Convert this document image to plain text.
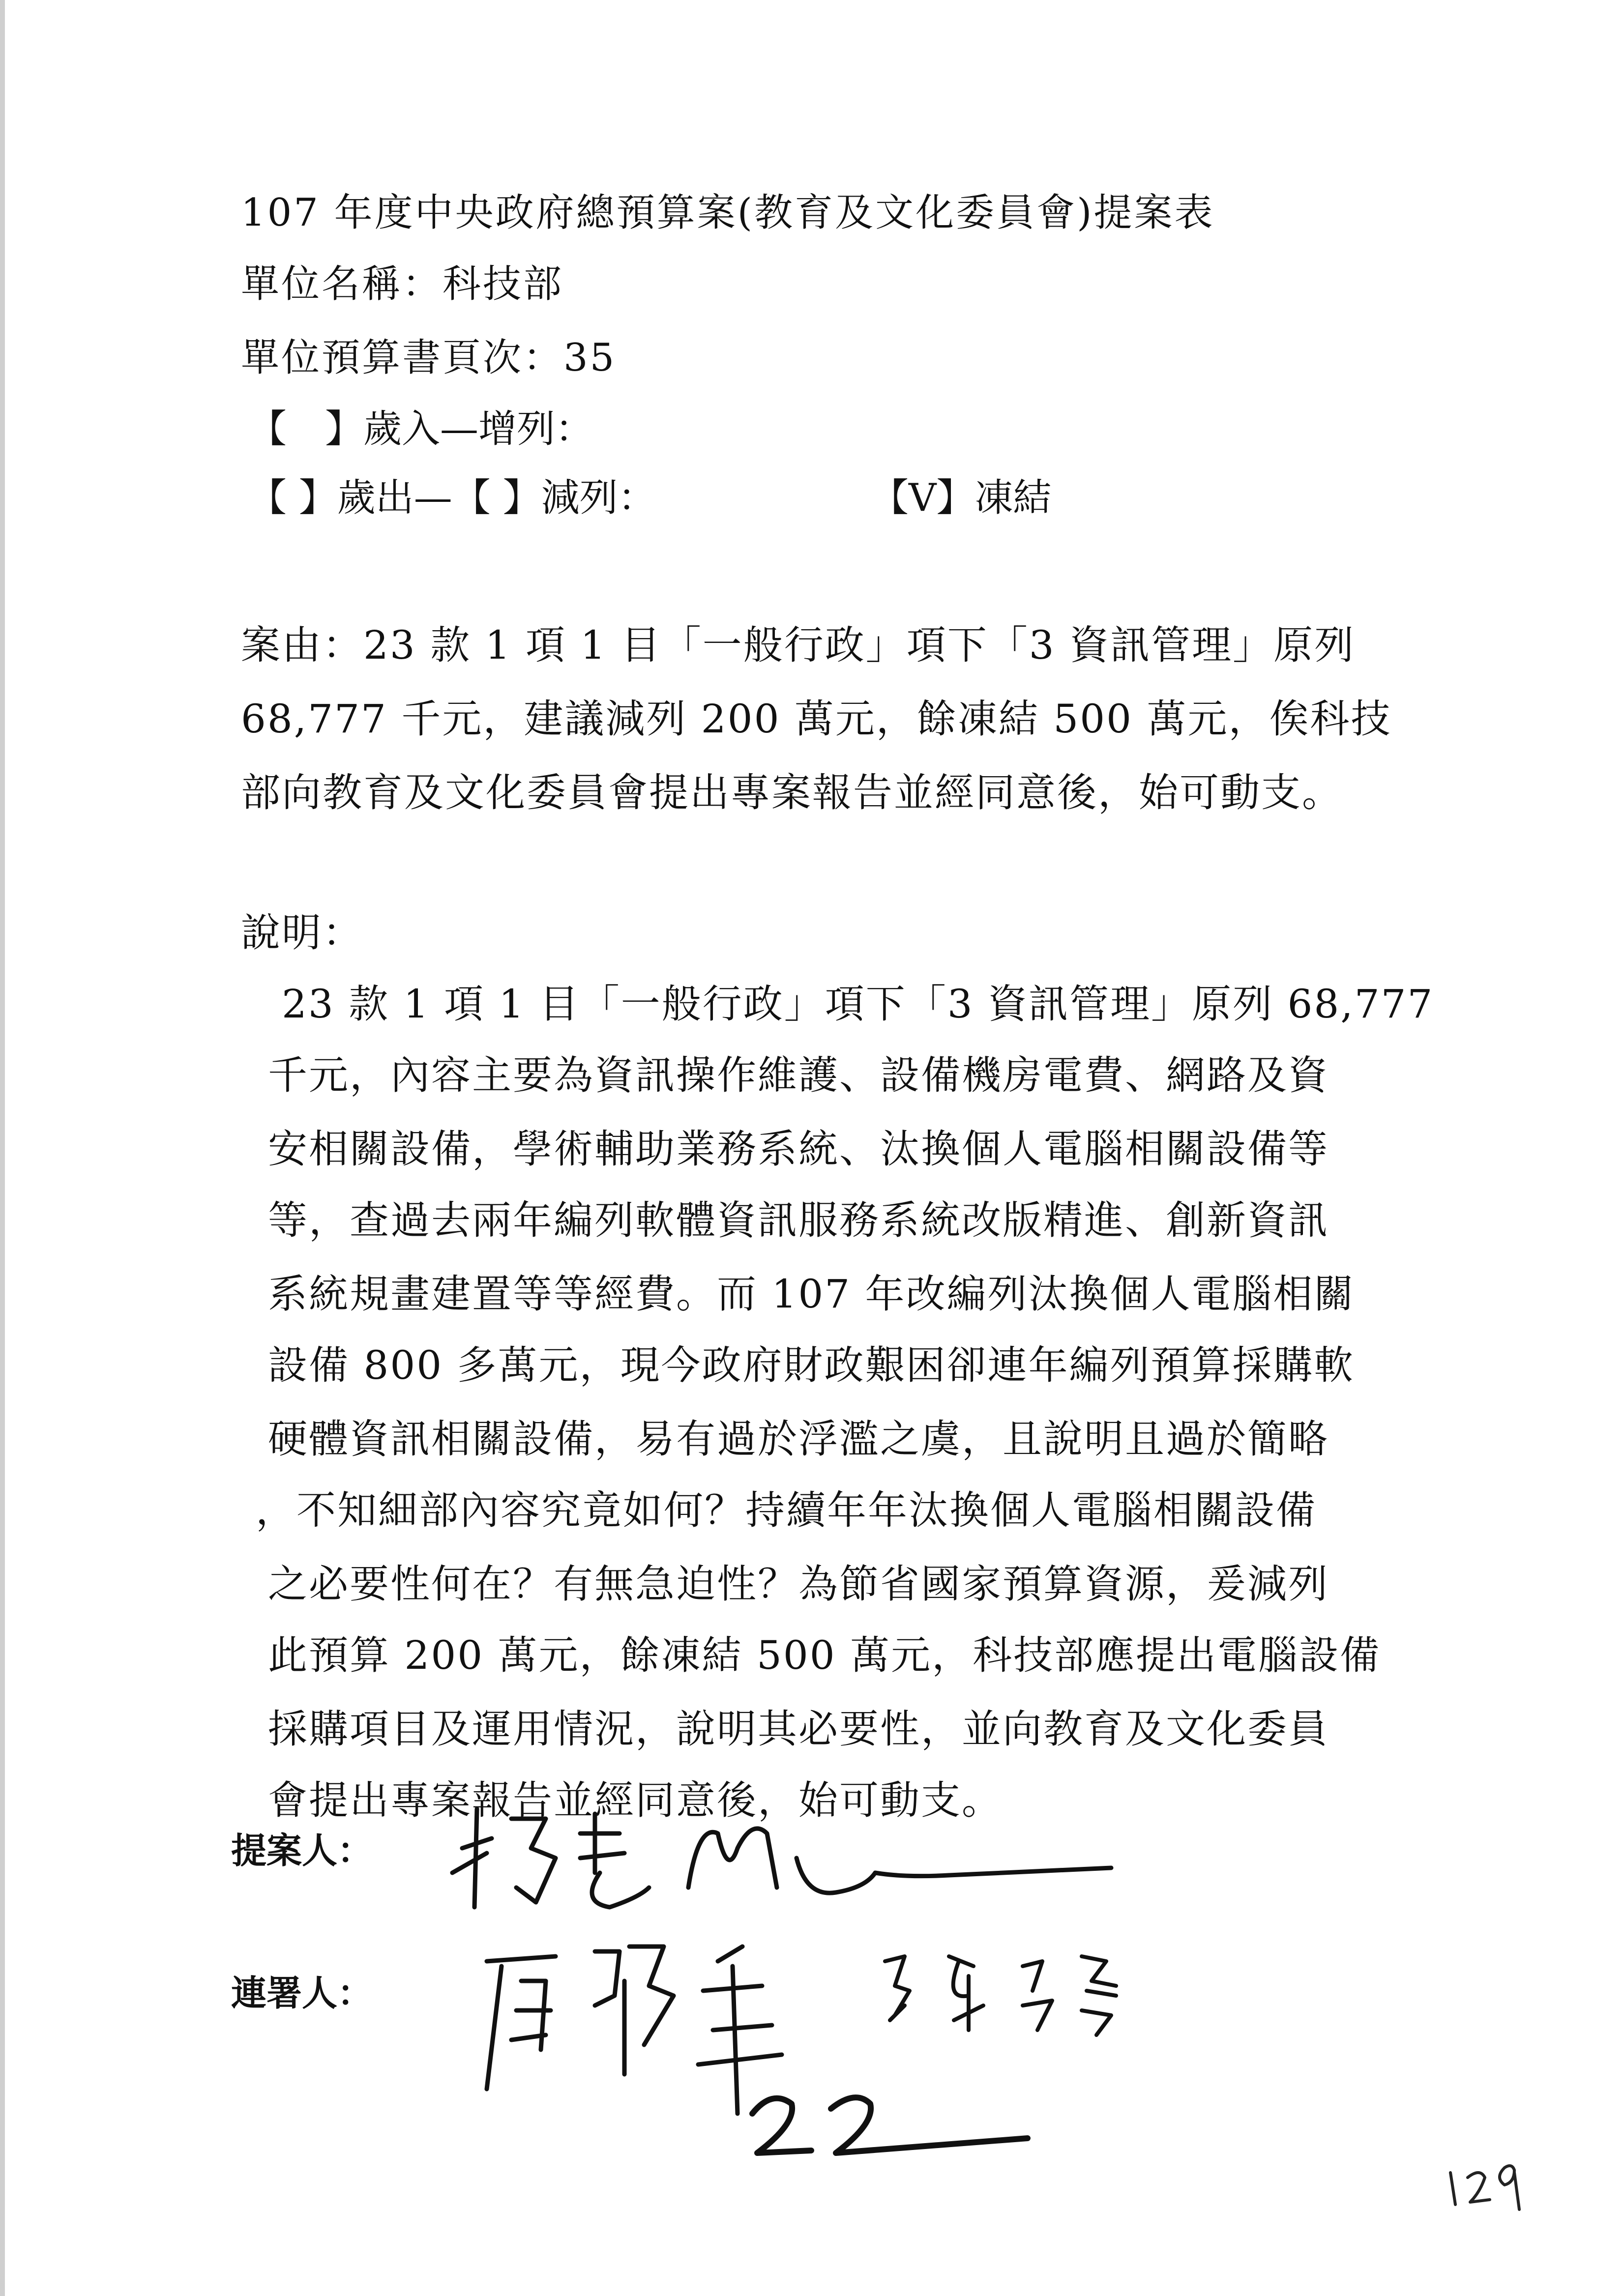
107 年度中央政府總預算案(教育及文化委員會)提案表
單位名稱：科技部
單位預算書頁次：35
【　】歲入—增列：
【 】歲出—【 】減列：	【V】凍結
案由：23 款 1 項 1 目「一般行政」項下「3 資訊管理」原列
68,777 千元，建議減列 200 萬元，餘凍結 500 萬元，俟科技
部向教育及文化委員會提出專案報告並經同意後，始可動支。
說明：
　23 款 1 項 1 目「一般行政」項下「3 資訊管理」原列 68,777
千元，內容主要為資訊操作維護、設備機房電費、網路及資
安相關設備，學術輔助業務系統、汰換個人電腦相關設備等
等，查過去兩年編列軟體資訊服務系統改版精進、創新資訊
系統規畫建置等等經費。而 107 年改編列汰換個人電腦相關
設備 800 多萬元，現今政府財政艱困卻連年編列預算採購軟
硬體資訊相關設備，易有過於浮濫之虞，且說明且過於簡略
，不知細部內容究竟如何？持續年年汰換個人電腦相關設備
之必要性何在？有無急迫性？為節省國家預算資源，爰減列
此預算 200 萬元，餘凍結 500 萬元，科技部應提出電腦設備
採購項目及運用情況，說明其必要性，並向教育及文化委員
會提出專案報告並經同意後，始可動支。
提案人：
連署人：
